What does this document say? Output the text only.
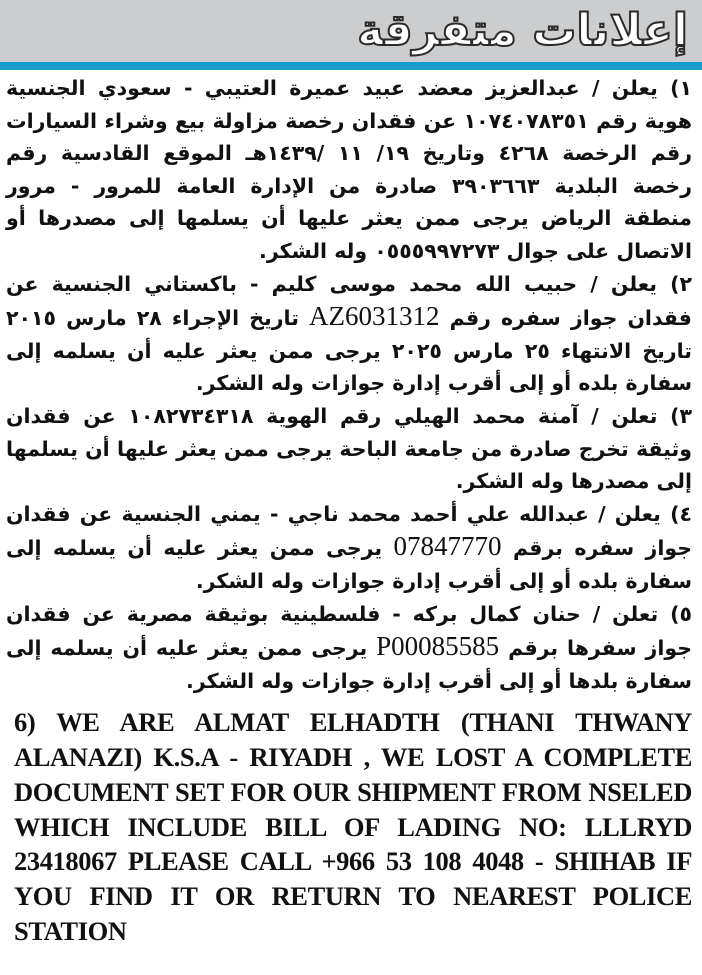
إعلانات متفرقة
١) يعلن / عبدالعزيز معضد عبيد عميرة العتيبي - سعودي الجنسية هوية رقم ١٠٧٤٠٧٨٣٥١ عن فقدان رخصة مزاولة بيع وشراء السيارات رقم الرخصة ٤٢٦٨ وتاريخ ١٩/ ١١ /١٤٣٩هـ الموقع القادسية رقم رخصة البلدية ٣٩٠٣٦٦٣ صادرة من الإدارة العامة للمرور - مرور منطقة الرياض يرجى ممن يعثر عليها أن يسلمها إلى مصدرها أو الاتصال على جوال ٠٥٥٥٩٩٧٢٧٣ وله الشكر.
٢) يعلن / حبيب الله محمد موسى كليم - باكستاني الجنسية عن فقدان جواز سفره رقم AZ6031312 تاريخ الإجراء ٢٨ مارس ٢٠١٥ تاريخ الانتهاء ٢٥ مارس ٢٠٢٥ يرجى ممن يعثر عليه أن يسلمه إلى سفارة بلده أو إلى أقرب إدارة جوازات وله الشكر.
٣) تعلن / آمنة محمد الهيلي رقم الهوية ١٠٨٢٧٣٤٣١٨ عن فقدان وثيقة تخرج صادرة من جامعة الباحة يرجى ممن يعثر عليها أن يسلمها إلى مصدرها وله الشكر.
٤) يعلن / عبدالله علي أحمد محمد ناجي - يمني الجنسية عن فقدان جواز سفره برقم 07847770 يرجى ممن يعثر عليه أن يسلمه إلى سفارة بلده أو إلى أقرب إدارة جوازات وله الشكر.
٥) تعلن / حنان كمال بركه - فلسطينية بوثيقة مصرية عن فقدان جواز سفرها برقم P00085585 يرجى ممن يعثر عليه أن يسلمه إلى سفارة بلدها أو إلى أقرب إدارة جوازات وله الشكر.
6) WE ARE ALMAT ELHADTH (THANI THWANY ALANAZI) K.S.A - RIYADH , WE LOST A COMPLETE DOCUMENT SET FOR OUR SHIPMENT FROM NSELED WHICH INCLUDE BILL OF LADING NO: LLLRYD 23418067 PLEASE CALL +966 53 108 4048 - SHIHAB IF YOU FIND IT OR RETURN TO NEAREST POLICE STATION
